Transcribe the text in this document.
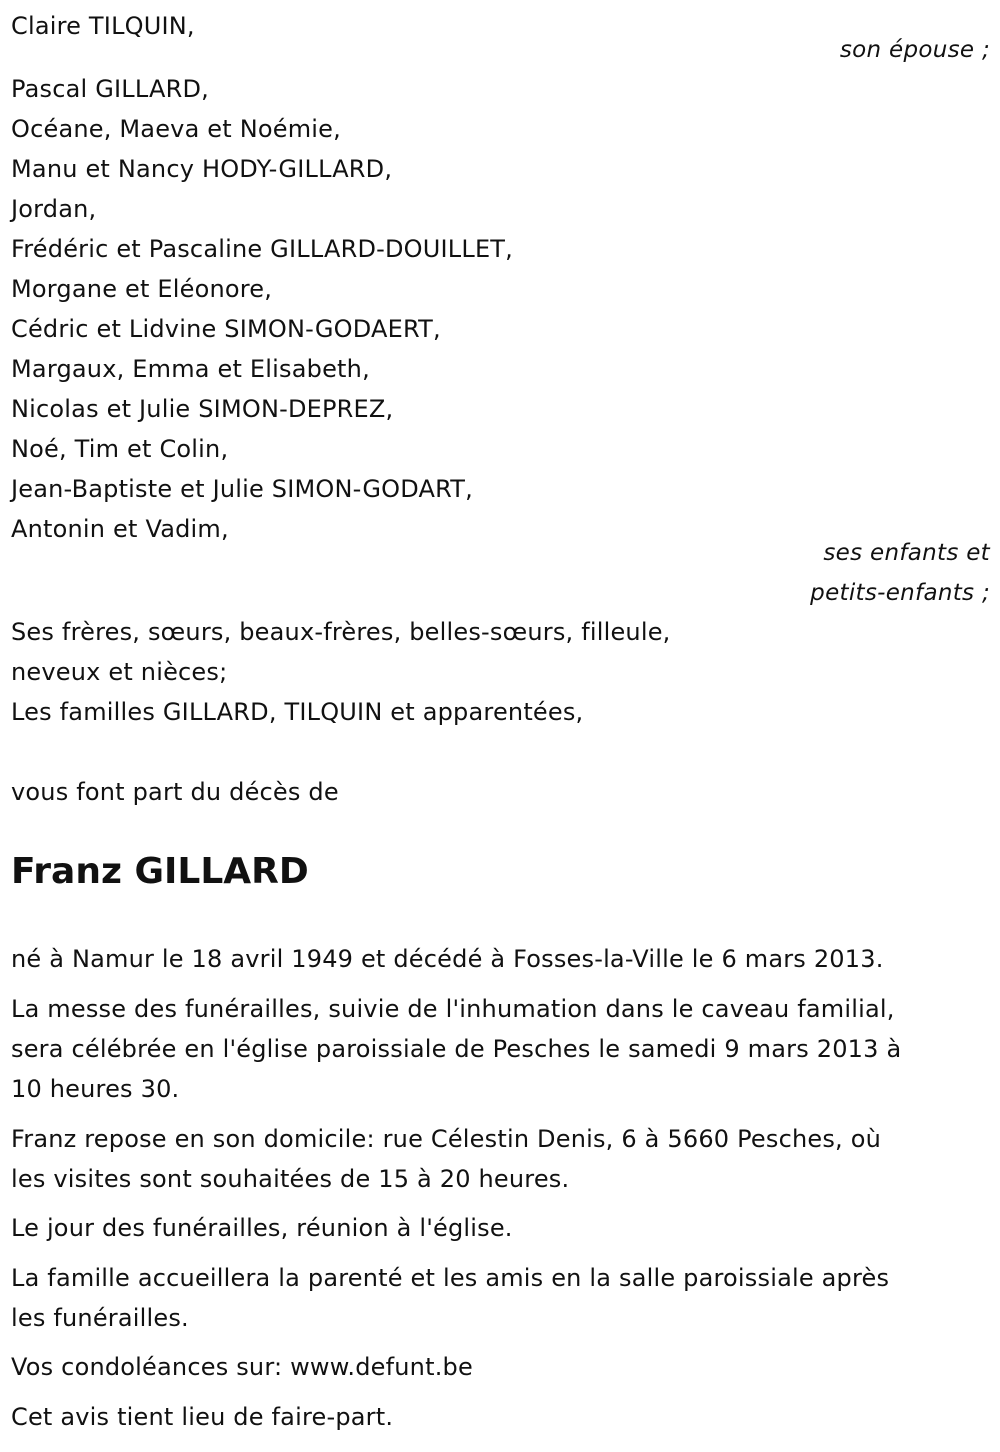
Claire TILQUIN,
son épouse ;
Pascal GILLARD,
Océane, Maeva et Noémie,
Manu et Nancy HODY-GILLARD,
Jordan,
Frédéric et Pascaline GILLARD-DOUILLET,
Morgane et Eléonore,
Cédric et Lidvine SIMON-GODAERT,
Margaux, Emma et Elisabeth,
Nicolas et Julie SIMON-DEPREZ,
Noé, Tim et Colin,
Jean-Baptiste et Julie SIMON-GODART,
Antonin et Vadim,
ses enfants et
petits-enfants ;
Ses frères, sœurs, beaux-frères, belles-sœurs, filleule,
neveux et nièces;
Les familles GILLARD, TILQUIN et apparentées,
vous font part du décès de
Franz GILLARD
né à Namur le 18 avril 1949 et décédé à Fosses-la-Ville le 6 mars 2013.
La messe des funérailles, suivie de l'inhumation dans le caveau familial,
sera célébrée en l'église paroissiale de Pesches le samedi 9 mars 2013 à
10 heures 30.
Franz repose en son domicile: rue Célestin Denis, 6 à 5660 Pesches, où
les visites sont souhaitées de 15 à 20 heures.
Le jour des funérailles, réunion à l'église.
La famille accueillera la parenté et les amis en la salle paroissiale après
les funérailles.
Vos condoléances sur: www.defunt.be
Cet avis tient lieu de faire-part.
